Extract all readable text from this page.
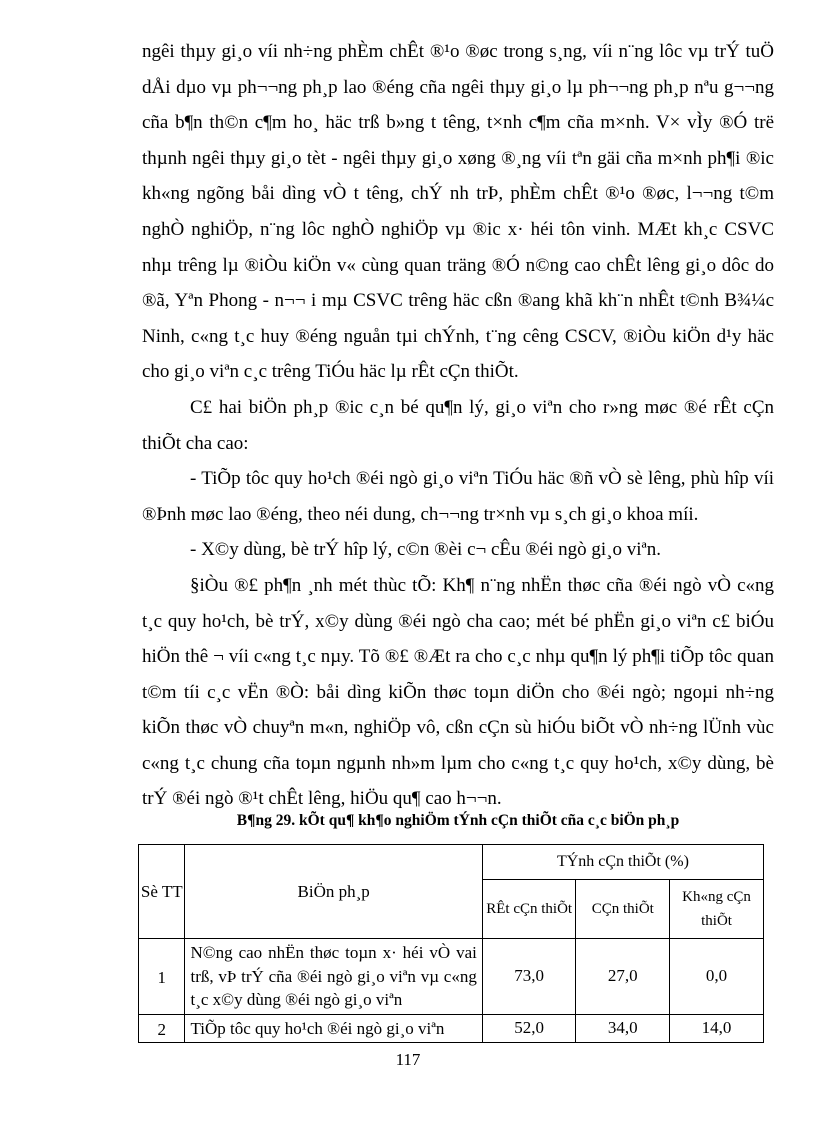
ngêi thµy gi¸o víi nh÷ng phÈm chÊt ®¹o ®øc trong s¸ng, víi n¨ng lôc vµ trÝ tuÖ dÅi dµo vµ ph¬¬ng ph¸p lao ®éng cña ngêi thµy gi¸o lµ ph¬¬ng ph¸p nªu g¬¬ng cña b¶n th©n c¶m ho¸ häc trß b»ng t têng, t×nh c¶m cña m×nh. V× vÌy ®Ó trë thµnh ngêi thµy gi¸o tèt - ngêi thµy gi¸o xøng ®¸ng víi tªn gäi cña m×nh ph¶i ®ic kh«ng ngõng båi dìng vÒ t têng, chÝ nh trÞ, phÈm chÊt ®¹o ®øc, l¬¬ng t©m nghÒ nghiÖp, n¨ng lôc nghÒ nghiÖp vµ ®ic x· héi tôn vinh. MÆt kh¸c CSVC nhµ trêng lµ ®iÒu kiÖn v« cùng quan träng ®Ó n©ng cao chÊt lêng gi¸o dôc do ®ã, Yªn Phong - n¬¬ i mµ CSVC trêng häc cßn ®ang khã kh¨n nhÊt t©nh B¾¼c Ninh, c«ng t¸c huy ®éng nguån tµi chÝnh, t¨ng cêng CSCV, ®iÒu kiÖn d¹y häc cho gi¸o viªn c¸c trêng TiÓu häc lµ rÊt cÇn thiÕt.

C£ hai biÖn ph¸p ®ic c¸n bé qu¶n lý, gi¸o viªn cho r»ng møc ®é rÊt cÇn thiÕt cha cao:

- TiÕp tôc quy ho¹ch ®éi ngò gi¸o viªn TiÓu häc ®ñ vÒ sè lêng, phù hîp víi ®Þnh møc lao ®éng, theo néi dung, ch¬¬ng tr×nh vµ s¸ch gi¸o khoa míi.

- X©y dùng, bè trÝ hîp lý, c©n ®èi c¬ cÊu ®éi ngò gi¸o viªn.

§iÒu ®£ ph¶n ¸nh mét thùc tÕ: Kh¶ n¨ng nhËn thøc cña ®éi ngò vÒ c«ng t¸c quy ho¹ch, bè trÝ, x©y dùng ®éi ngò cha cao; mét bé phËn gi¸o viªn c£ biÓu hiÖn thê ¬ víi c«ng t¸c nµy. Tõ ®£ ®Æt ra cho c¸c nhµ qu¶n lý ph¶i tiÕp tôc quan t©m tíi c¸c vËn ®Ò: båi dìng kiÕn thøc toµn diÖn cho ®éi ngò; ngoµi nh÷ng kiÕn thøc vÒ chuyªn m«n, nghiÖp vô, cßn cÇn sù hiÓu biÕt vÒ nh÷ng lÜnh vùc c«ng t¸c chung cña toµn ngµnh nh»m lµm cho c«ng t¸c quy ho¹ch, x©y dùng, bè trÝ ®éi ngò ®¹t chÊt lêng, hiÖu qu¶ cao h¬¬n.

B¶ng 29. kÕt qu¶ kh¶o nghiÖm tÝnh cÇn thiÕt cña c¸c biÖn ph¸p
Sè TT	BiÖn ph¸p	TÝnh cÇn thiÕt (%)		
		RÊt cÇn thiÕt	CÇn thiÕt	Kh«ng cÇn thiÕt
1	N©ng cao nhËn thøc toµn x· héi vÒ vai trß, vÞ trÝ cña ®éi ngò gi¸o viªn vµ c«ng t¸c x©y dùng ®éi ngò gi¸o viªn	73,0	27,0	0,0
2	TiÕp tôc quy ho¹ch ®éi ngò gi¸o viªn	52,0	34,0	14,0
117
